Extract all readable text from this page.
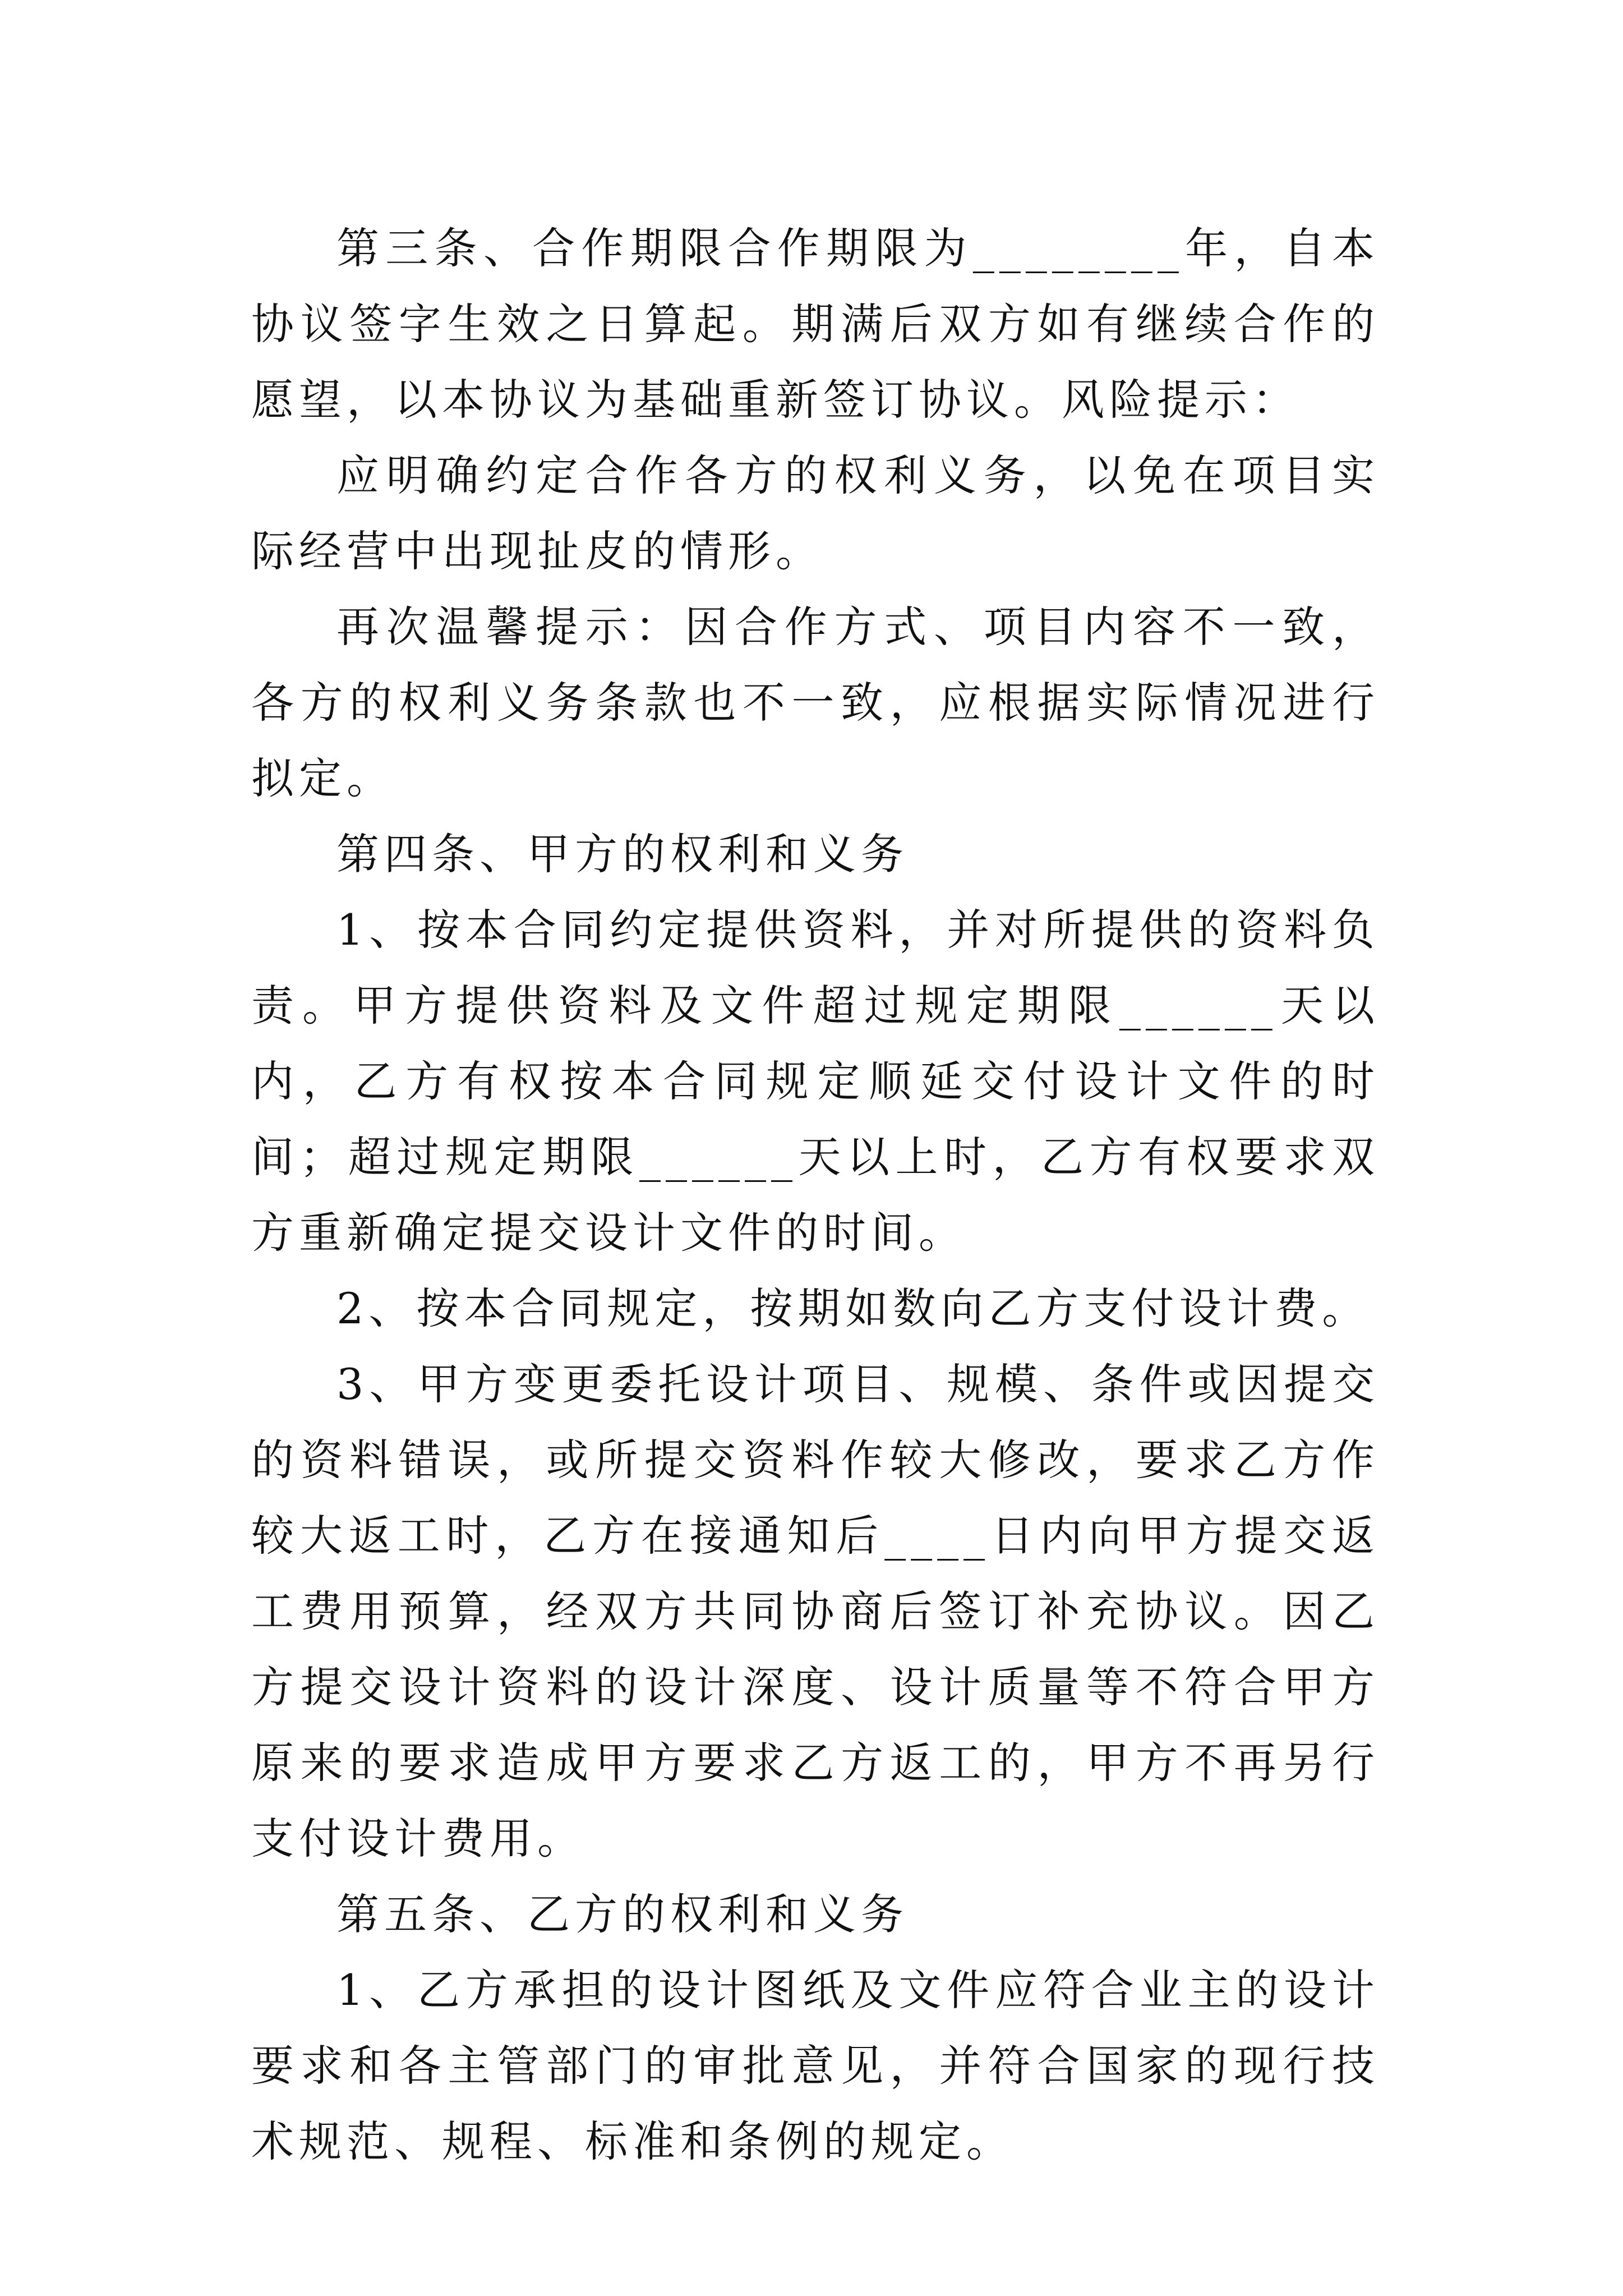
第三条、合作期限合作期限为________年，自本协议签字生效之日算起。期满后双方如有继续合作的愿望，以本协议为基础重新签订协议。风险提示：

应明确约定合作各方的权利义务，以免在项目实际经营中出现扯皮的情形。

再次温馨提示：因合作方式、项目内容不一致，各方的权利义务条款也不一致，应根据实际情况进行拟定。

第四条、甲方的权利和义务

1、按本合同约定提供资料，并对所提供的资料负责。甲方提供资料及文件超过规定期限______天以内，乙方有权按本合同规定顺延交付设计文件的时间；超过规定期限______天以上时，乙方有权要求双方重新确定提交设计文件的时间。

2、按本合同规定，按期如数向乙方支付设计费。

3、甲方变更委托设计项目、规模、条件或因提交的资料错误，或所提交资料作较大修改，要求乙方作较大返工时，乙方在接通知后____日内向甲方提交返工费用预算，经双方共同协商后签订补充协议。因乙方提交设计资料的设计深度、设计质量等不符合甲方原来的要求造成甲方要求乙方返工的，甲方不再另行支付设计费用。

第五条、乙方的权利和义务

1、乙方承担的设计图纸及文件应符合业主的设计要求和各主管部门的审批意见，并符合国家的现行技术规范、规程、标准和条例的规定。
